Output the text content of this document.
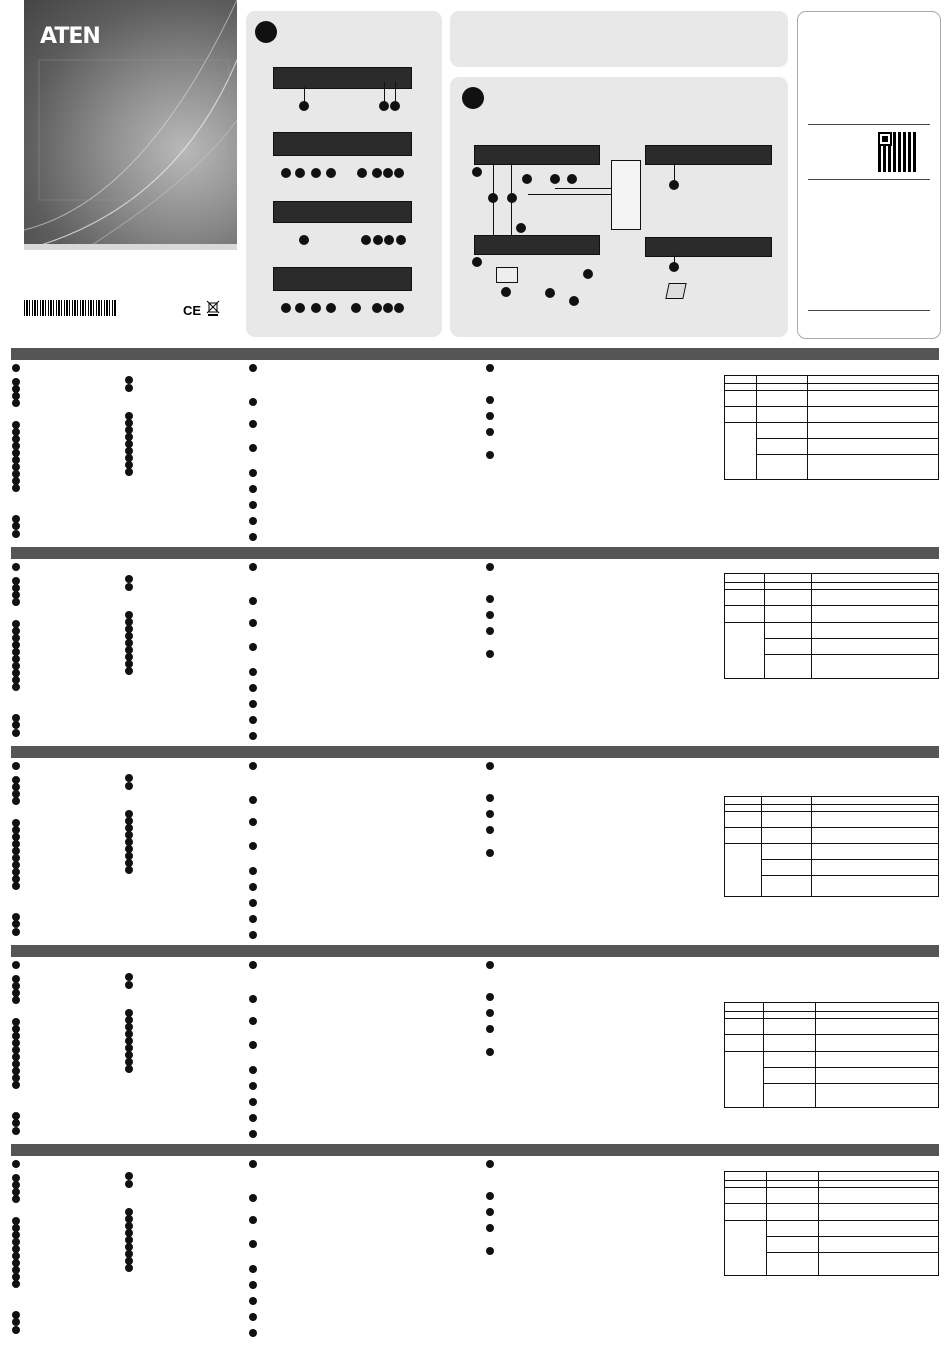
ATEN
CE
